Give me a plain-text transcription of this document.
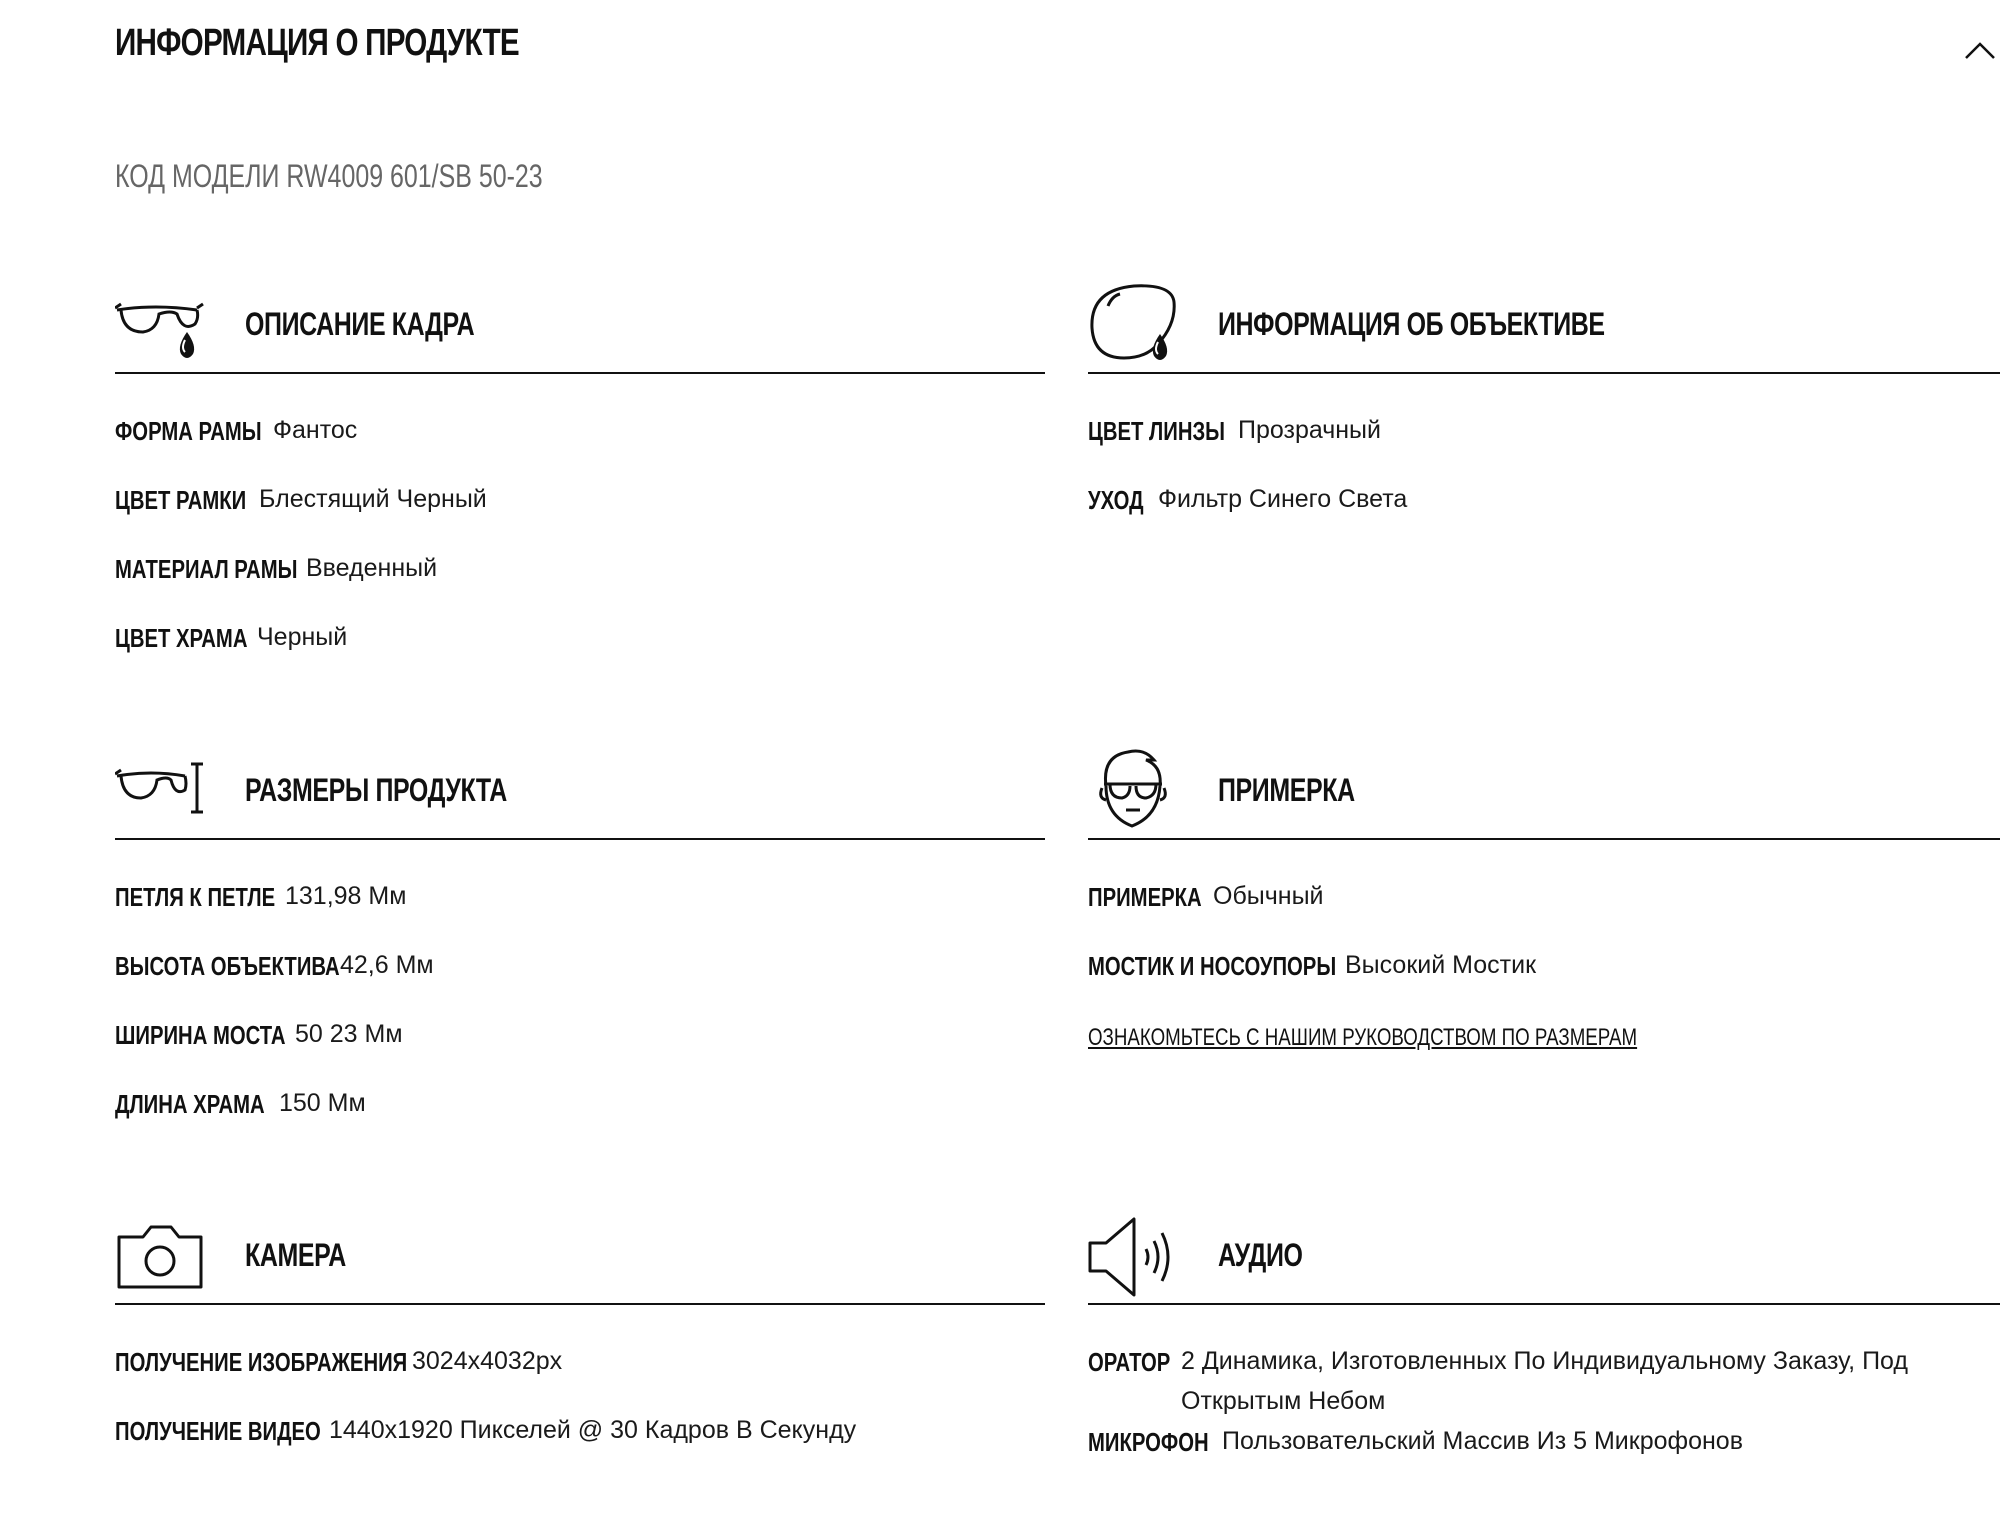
ИНФОРМАЦИЯ О ПРОДУКТЕ
КОД МОДЕЛИ RW4009 601/SB 50-23
ОПИСАНИЕ КАДРА
ФОРМА РАМЫ Фантос
ЦВЕТ РАМКИ Блестящий Черный
МАТЕРИАЛ РАМЫ Введенный
ЦВЕТ ХРАМА Черный
ИНФОРМАЦИЯ ОБ ОБЪЕКТИВЕ
ЦВЕТ ЛИНЗЫ Прозрачный
УХОД Фильтр Синего Света
РАЗМЕРЫ ПРОДУКТА
ПЕТЛЯ К ПЕТЛЕ 131,98 Мм
ВЫСОТА ОБЪЕКТИВА 42,6 Мм
ШИРИНА МОСТА 50 23 Мм
ДЛИНА ХРАМА 150 Мм
ПРИМЕРКА
ПРИМЕРКА Обычный
МОСТИК И НОСОУПОРЫ Высокий Мостик
ОЗНАКОМЬТЕСЬ С НАШИМ РУКОВОДСТВОМ ПО РАЗМЕРАМ
КАМЕРА
ПОЛУЧЕНИЕ ИЗОБРАЖЕНИЯ 3024x4032px
ПОЛУЧЕНИЕ ВИДЕО 1440x1920 Пикселей @ 30 Кадров В Секунду
АУДИО
ОРАТОР 2 Динамика, Изготовленных По Индивидуальному Заказу, Под Открытым Небом
МИКРОФОН Пользовательский Массив Из 5 Микрофонов
